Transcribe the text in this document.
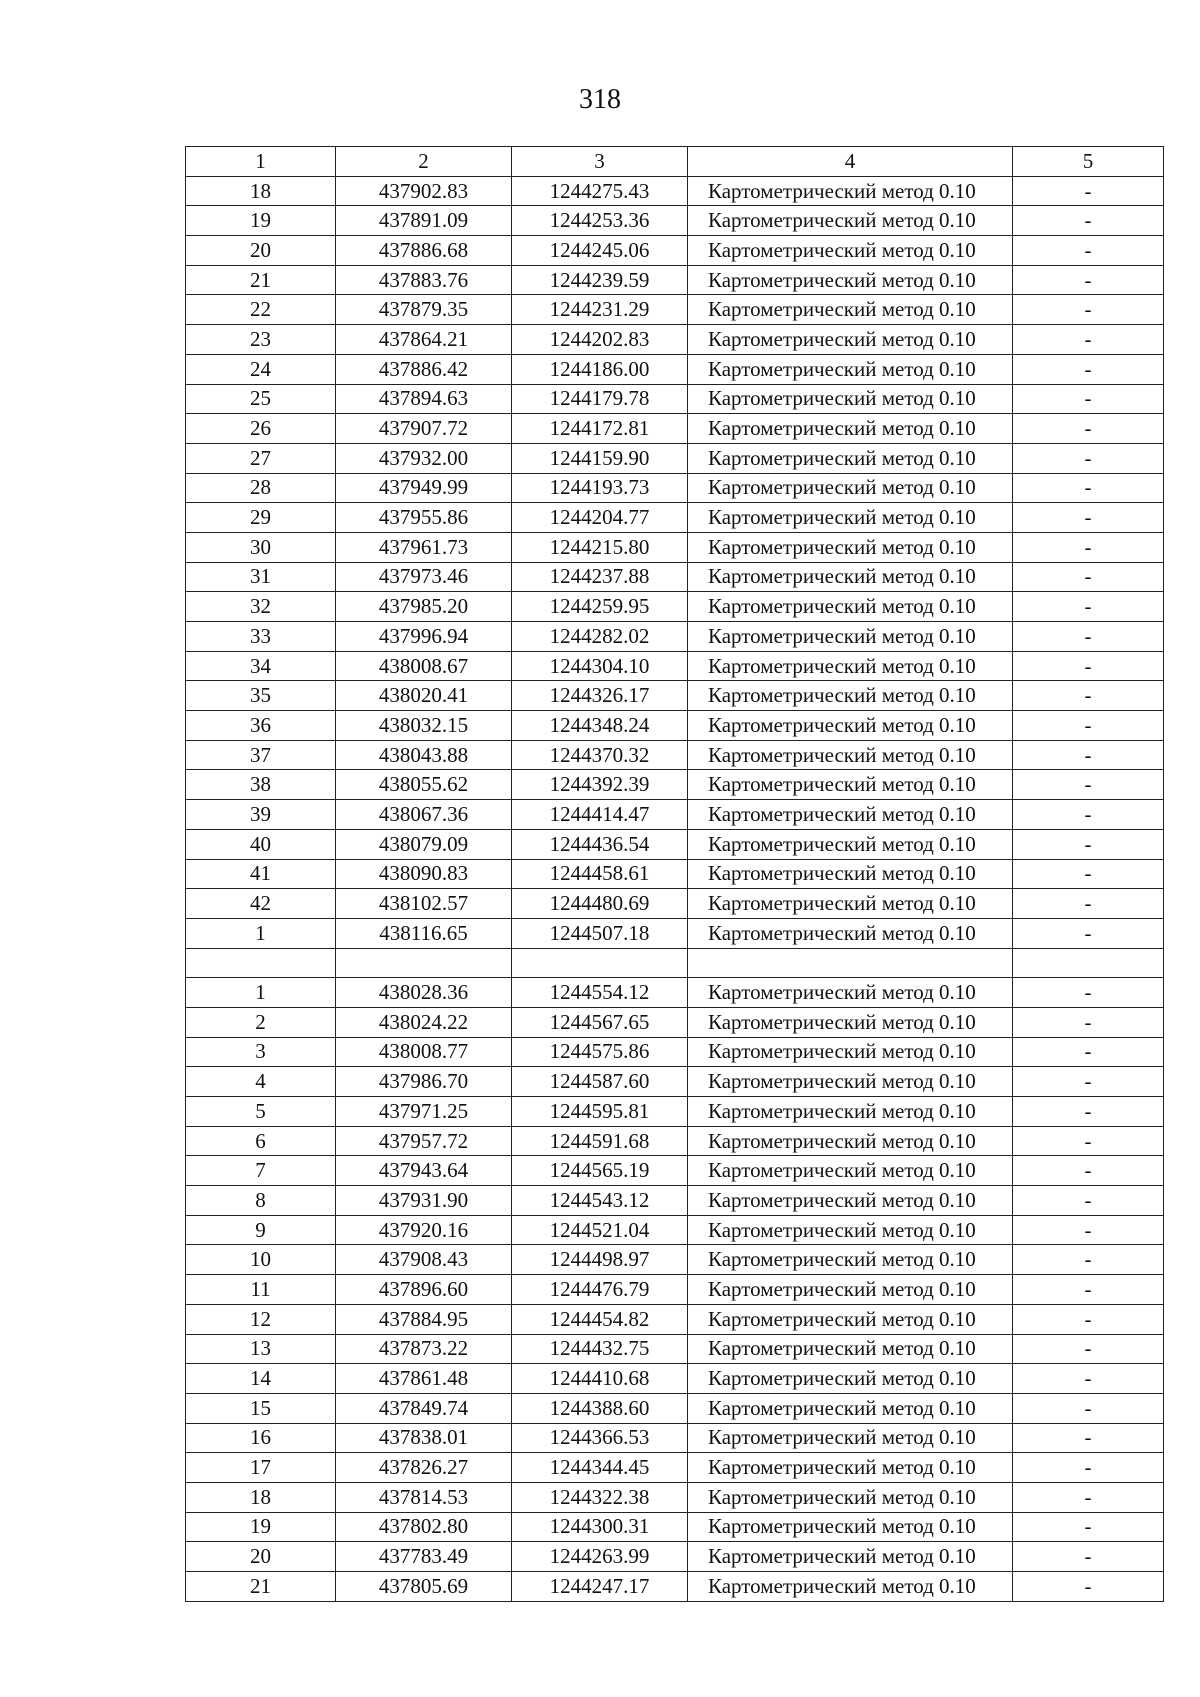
318
1	2	3	4	5
18	437902.83	1244275.43	Картометрический метод 0.10	-
19	437891.09	1244253.36	Картометрический метод 0.10	-
20	437886.68	1244245.06	Картометрический метод 0.10	-
21	437883.76	1244239.59	Картометрический метод 0.10	-
22	437879.35	1244231.29	Картометрический метод 0.10	-
23	437864.21	1244202.83	Картометрический метод 0.10	-
24	437886.42	1244186.00	Картометрический метод 0.10	-
25	437894.63	1244179.78	Картометрический метод 0.10	-
26	437907.72	1244172.81	Картометрический метод 0.10	-
27	437932.00	1244159.90	Картометрический метод 0.10	-
28	437949.99	1244193.73	Картометрический метод 0.10	-
29	437955.86	1244204.77	Картометрический метод 0.10	-
30	437961.73	1244215.80	Картометрический метод 0.10	-
31	437973.46	1244237.88	Картометрический метод 0.10	-
32	437985.20	1244259.95	Картометрический метод 0.10	-
33	437996.94	1244282.02	Картометрический метод 0.10	-
34	438008.67	1244304.10	Картометрический метод 0.10	-
35	438020.41	1244326.17	Картометрический метод 0.10	-
36	438032.15	1244348.24	Картометрический метод 0.10	-
37	438043.88	1244370.32	Картометрический метод 0.10	-
38	438055.62	1244392.39	Картометрический метод 0.10	-
39	438067.36	1244414.47	Картометрический метод 0.10	-
40	438079.09	1244436.54	Картометрический метод 0.10	-
41	438090.83	1244458.61	Картометрический метод 0.10	-
42	438102.57	1244480.69	Картометрический метод 0.10	-
1	438116.65	1244507.18	Картометрический метод 0.10	-

1	438028.36	1244554.12	Картометрический метод 0.10	-
2	438024.22	1244567.65	Картометрический метод 0.10	-
3	438008.77	1244575.86	Картометрический метод 0.10	-
4	437986.70	1244587.60	Картометрический метод 0.10	-
5	437971.25	1244595.81	Картометрический метод 0.10	-
6	437957.72	1244591.68	Картометрический метод 0.10	-
7	437943.64	1244565.19	Картометрический метод 0.10	-
8	437931.90	1244543.12	Картометрический метод 0.10	-
9	437920.16	1244521.04	Картометрический метод 0.10	-
10	437908.43	1244498.97	Картометрический метод 0.10	-
11	437896.60	1244476.79	Картометрический метод 0.10	-
12	437884.95	1244454.82	Картометрический метод 0.10	-
13	437873.22	1244432.75	Картометрический метод 0.10	-
14	437861.48	1244410.68	Картометрический метод 0.10	-
15	437849.74	1244388.60	Картометрический метод 0.10	-
16	437838.01	1244366.53	Картометрический метод 0.10	-
17	437826.27	1244344.45	Картометрический метод 0.10	-
18	437814.53	1244322.38	Картометрический метод 0.10	-
19	437802.80	1244300.31	Картометрический метод 0.10	-
20	437783.49	1244263.99	Картометрический метод 0.10	-
21	437805.69	1244247.17	Картометрический метод 0.10	-
